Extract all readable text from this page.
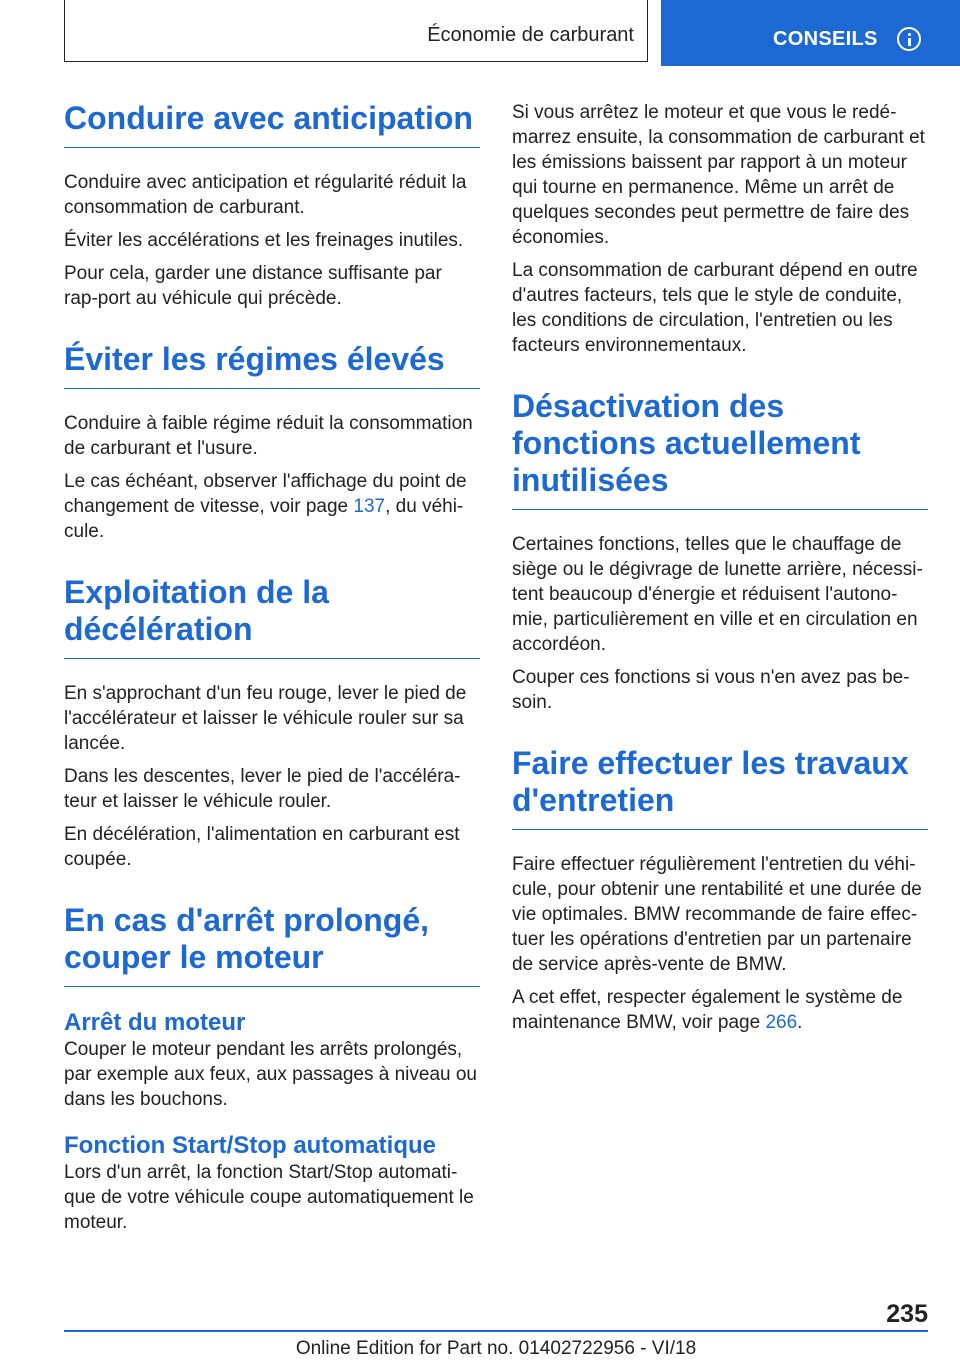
Économie de carburant	CONSEILS
Conduire avec anticipation

Conduire avec anticipation et régularité réduit la consommation de carburant.

Éviter les accélérations et les freinages inutiles.

Pour cela, garder une distance suffisante par rap-port au véhicule qui précède.

Éviter les régimes élevés

Conduire à faible régime réduit la consommation de carburant et l'usure.

Le cas échéant, observer l'affichage du point de changement de vitesse, voir page 137, du véhi-cule.

Exploitation de la décélération

En s'approchant d'un feu rouge, lever le pied de l'accélérateur et laisser le véhicule rouler sur sa lancée.

Dans les descentes, lever le pied de l'accéléra-teur et laisser le véhicule rouler.

En décélération, l'alimentation en carburant est coupée.

En cas d'arrêt prolongé, couper le moteur
Arrêt du moteur

Couper le moteur pendant les arrêts prolongés, par exemple aux feux, aux passages à niveau ou dans les bouchons.

Fonction Start/Stop automatique

Lors d'un arrêt, la fonction Start/Stop automati-que de votre véhicule coupe automatiquement le moteur.

Si vous arrêtez le moteur et que vous le redé-marrez ensuite, la consommation de carburant et les émissions baissent par rapport à un moteur qui tourne en permanence. Même un arrêt de quelques secondes peut permettre de faire des économies.

La consommation de carburant dépend en outre d'autres facteurs, tels que le style de conduite, les conditions de circulation, l'entretien ou les facteurs environnementaux.

Désactivation des fonctions actuellement inutilisées

Certaines fonctions, telles que le chauffage de siège ou le dégivrage de lunette arrière, nécessi-tent beaucoup d'énergie et réduisent l'autono-mie, particulièrement en ville et en circulation en accordéon.

Couper ces fonctions si vous n'en avez pas be-soin.

Faire effectuer les travaux d'entretien

Faire effectuer régulièrement l'entretien du véhi-cule, pour obtenir une rentabilité et une durée de vie optimales. BMW recommande de faire effec-tuer les opérations d'entretien par un partenaire de service après-vente de BMW.

A cet effet, respecter également le système de maintenance BMW, voir page 266.

235
Online Edition for Part no. 01402722956 - VI/18
